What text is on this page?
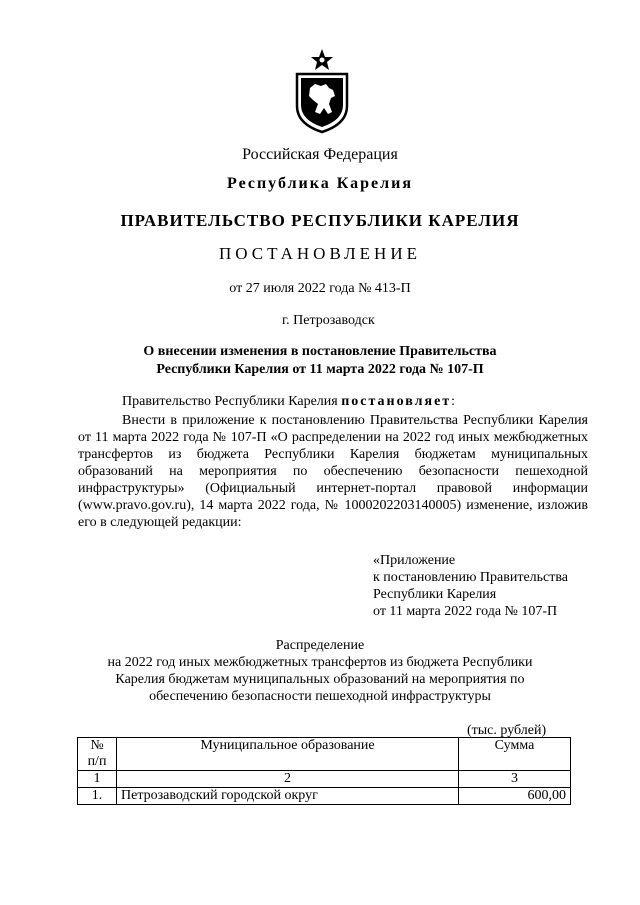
Российская Федерация
Республика Карелия
ПРАВИТЕЛЬСТВО РЕСПУБЛИКИ КАРЕЛИЯ
ПОСТАНОВЛЕНИЕ
от 27 июля 2022 года № 413-П
г. Петрозаводск
О внесении изменения в постановление Правительства
Республики Карелия от 11 марта 2022 года № 107-П
Правительство Республики Карелия постановляет:
Внести в приложение к постановлению Правительства Республики Карелия от 11 марта 2022 года № 107-П «О распределении на 2022 год иных межбюджетных трансфертов из бюджета Республики Карелия бюджетам муниципальных образований на мероприятия по обеспечению безопасности пешеходной инфраструктуры» (Официальный интернет-портал правовой информации (www.pravo.gov.ru), 14 марта 2022 года, № 1000202203140005) изменение, изложив его в следующей редакции:
«Приложение
к постановлению Правительства
Республики Карелия
от 11 марта 2022 года № 107-П
Распределение
на 2022 год иных межбюджетных трансфертов из бюджета Республики
Карелия бюджетам муниципальных образований на мероприятия по
обеспечению безопасности пешеходной инфраструктуры
(тыс. рублей)
№
п/п	Муниципальное образование	Сумма
1	2	3
1.	Петрозаводский городской округ	600,00
